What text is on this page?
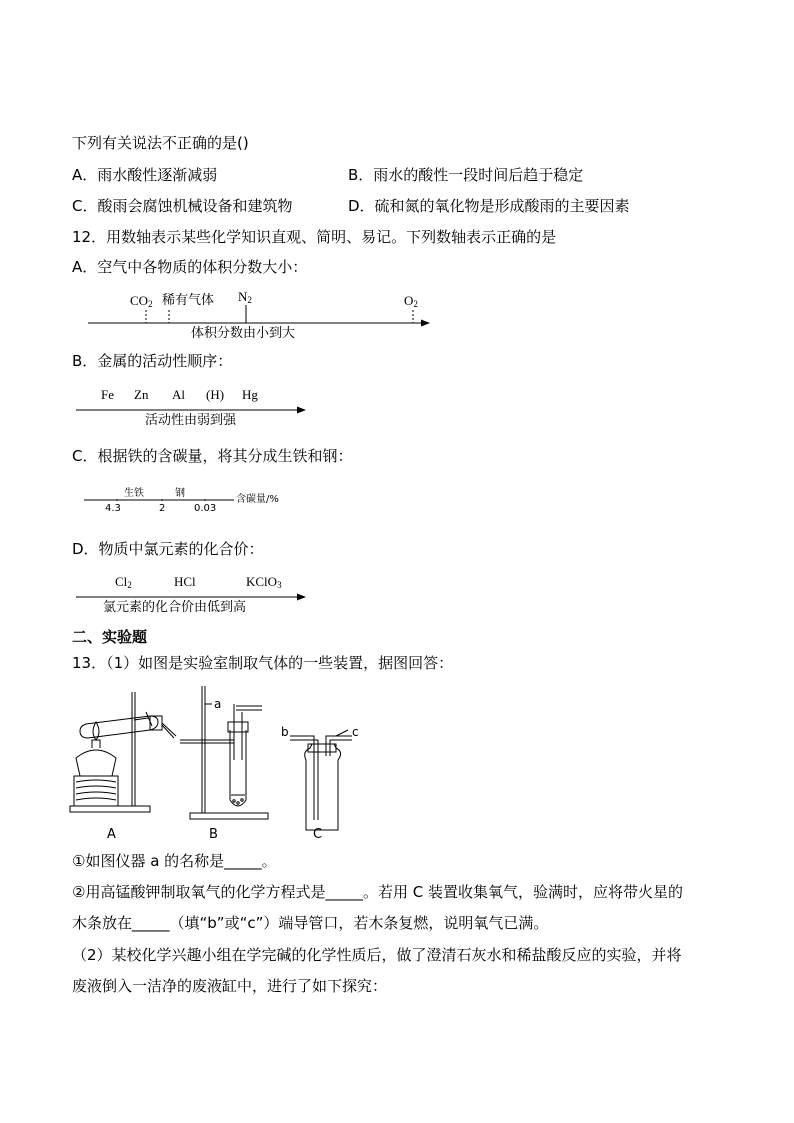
下列有关说法不正确的是()
A．雨水酸性逐渐减弱	B．雨水的酸性一段时间后趋于稳定
C．酸雨会腐蚀机械设备和建筑物	D．硫和氮的氧化物是形成酸雨的主要因素
12．用数轴表示某些化学知识直观、简明、易记。下列数轴表示正确的是
A．空气中各物质的体积分数大小：
$CO_2$ 稀有气体 $N_2$	$O_2$
体积分数由小到大
B．金属的活动性顺序：
Fe Zn Al (H) Hg
活动性由弱到强
C．根据铁的含碳量，将其分成生铁和钢：
生铁	钢
含碳量/%
4.3	2	0.03
D．物质中氯元素的化合价：
$Cl_2$	HCl	KClO$_3$
氯元素的化合价由低到高
二、实验题
13．（1）如图是实验室制取气体的一些装置，据图回答：
a
b	c
A	B	C
①如图仪器 a 的名称是_____。
②用高锰酸钾制取氧气的化学方程式是_____。若用 C 装置收集氧气，验满时，应将带火星的
木条放在_____（填“b”或“c”）端导管口，若木条复燃，说明氧气已满。
（2）某校化学兴趣小组在学完碱的化学性质后，做了澄清石灰水和稀盐酸反应的实验，并将
废液倒入一洁净的废液缸中，进行了如下探究：
